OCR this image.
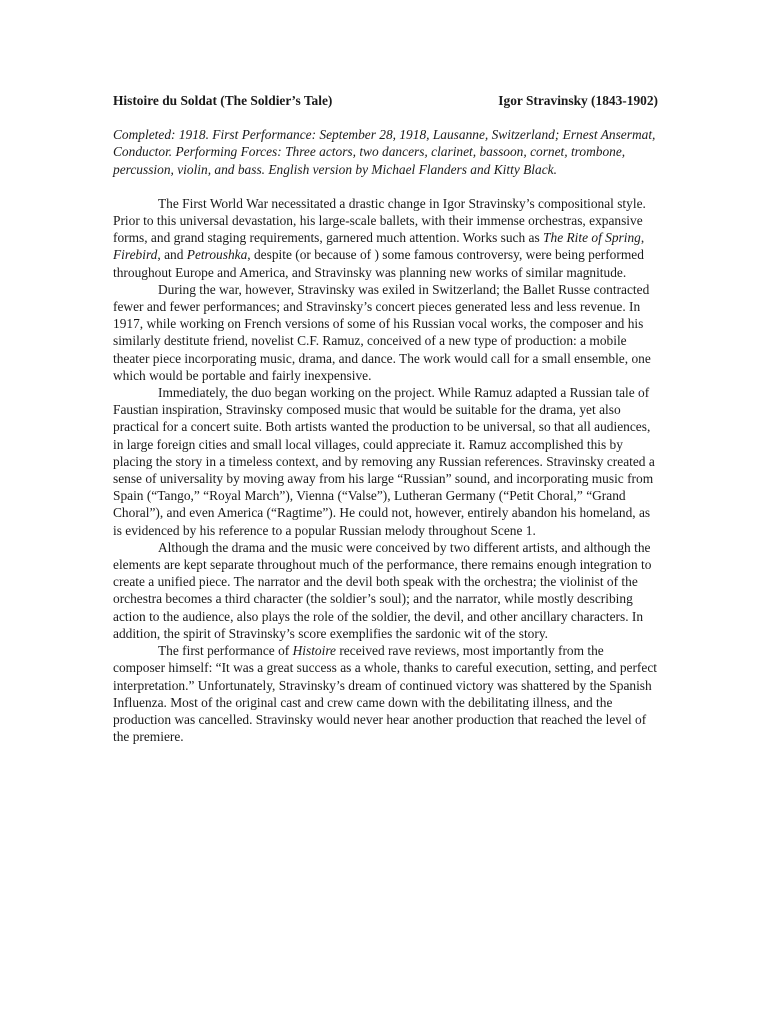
Histoire du Soldat (The Soldier’s Tale)	Igor Stravinsky (1843-1902)
Completed: 1918. First Performance: September 28, 1918, Lausanne, Switzerland; Ernest Ansermat, Conductor. Performing Forces: Three actors, two dancers, clarinet, bassoon, cornet, trombone, percussion, violin, and bass. English version by Michael Flanders and Kitty Black.

The First World War necessitated a drastic change in Igor Stravinsky’s compositional style. Prior to this universal devastation, his large-scale ballets, with their immense orchestras, expansive forms, and grand staging requirements, garnered much attention. Works such as The Rite of Spring, Firebird, and Petroushka, despite (or because of ) some famous controversy, were being performed throughout Europe and America, and Stravinsky was planning new works of similar magnitude.

During the war, however, Stravinsky was exiled in Switzerland; the Ballet Russe contracted fewer and fewer performances; and Stravinsky’s concert pieces generated less and less revenue. In 1917, while working on French versions of some of his Russian vocal works, the composer and his similarly destitute friend, novelist C.F. Ramuz, conceived of a new type of production: a mobile theater piece incorporating music, drama, and dance. The work would call for a small ensemble, one which would be portable and fairly inexpensive.

Immediately, the duo began working on the project. While Ramuz adapted a Russian tale of Faustian inspiration, Stravinsky composed music that would be suitable for the drama, yet also practical for a concert suite. Both artists wanted the production to be universal, so that all audiences, in large foreign cities and small local villages, could appreciate it. Ramuz accomplished this by placing the story in a timeless context, and by removing any Russian references. Stravinsky created a sense of universality by moving away from his large “Russian” sound, and incorporating music from Spain (“Tango,” “Royal March”), Vienna (“Valse”), Lutheran Germany (“Petit Choral,” “Grand Choral”), and even America (“Ragtime”). He could not, however, entirely abandon his homeland, as is evidenced by his reference to a popular Russian melody throughout Scene 1.

Although the drama and the music were conceived by two different artists, and although the elements are kept separate throughout much of the performance, there remains enough integration to create a unified piece. The narrator and the devil both speak with the orchestra; the violinist of the orchestra becomes a third character (the soldier’s soul); and the narrator, while mostly describing action to the audience, also plays the role of the soldier, the devil, and other ancillary characters. In addition, the spirit of Stravinsky’s score exemplifies the sardonic wit of the story.

The first performance of Histoire received rave reviews, most importantly from the composer himself: “It was a great success as a whole, thanks to careful execution, setting, and perfect interpretation.” Unfortunately, Stravinsky’s dream of continued victory was shattered by the Spanish Influenza. Most of the original cast and crew came down with the debilitating illness, and the production was cancelled. Stravinsky would never hear another production that reached the level of the premiere.
